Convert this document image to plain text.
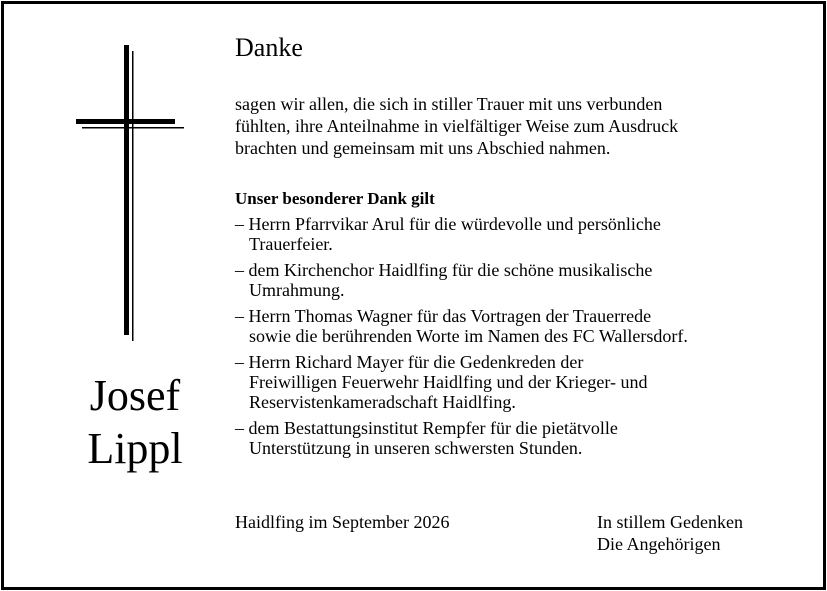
Josef
Lippl
Danke
sagen wir allen, die sich in stiller Trauer mit uns verbunden
fühlten, ihre Anteilnahme in vielfältiger Weise zum Ausdruck
brachten und gemeinsam mit uns Abschied nahmen.
Unser besonderer Dank gilt
– Herrn Pfarrvikar Arul für die würdevolle und persönliche
Trauerfeier.
– dem Kirchenchor Haidlfing für die schöne musikalische
Umrahmung.
– Herrn Thomas Wagner für das Vortragen der Trauerrede
sowie die berührenden Worte im Namen des FC Wallersdorf.
– Herrn Richard Mayer für die Gedenkreden der
Freiwilligen Feuerwehr Haidlfing und der Krieger- und
Reservistenkameradschaft Haidlfing.
– dem Bestattungsinstitut Rempfer für die pietätvolle
Unterstützung in unseren schwersten Stunden.
Haidlfing im September 2026	In stillem Gedenken
Die Angehörigen
